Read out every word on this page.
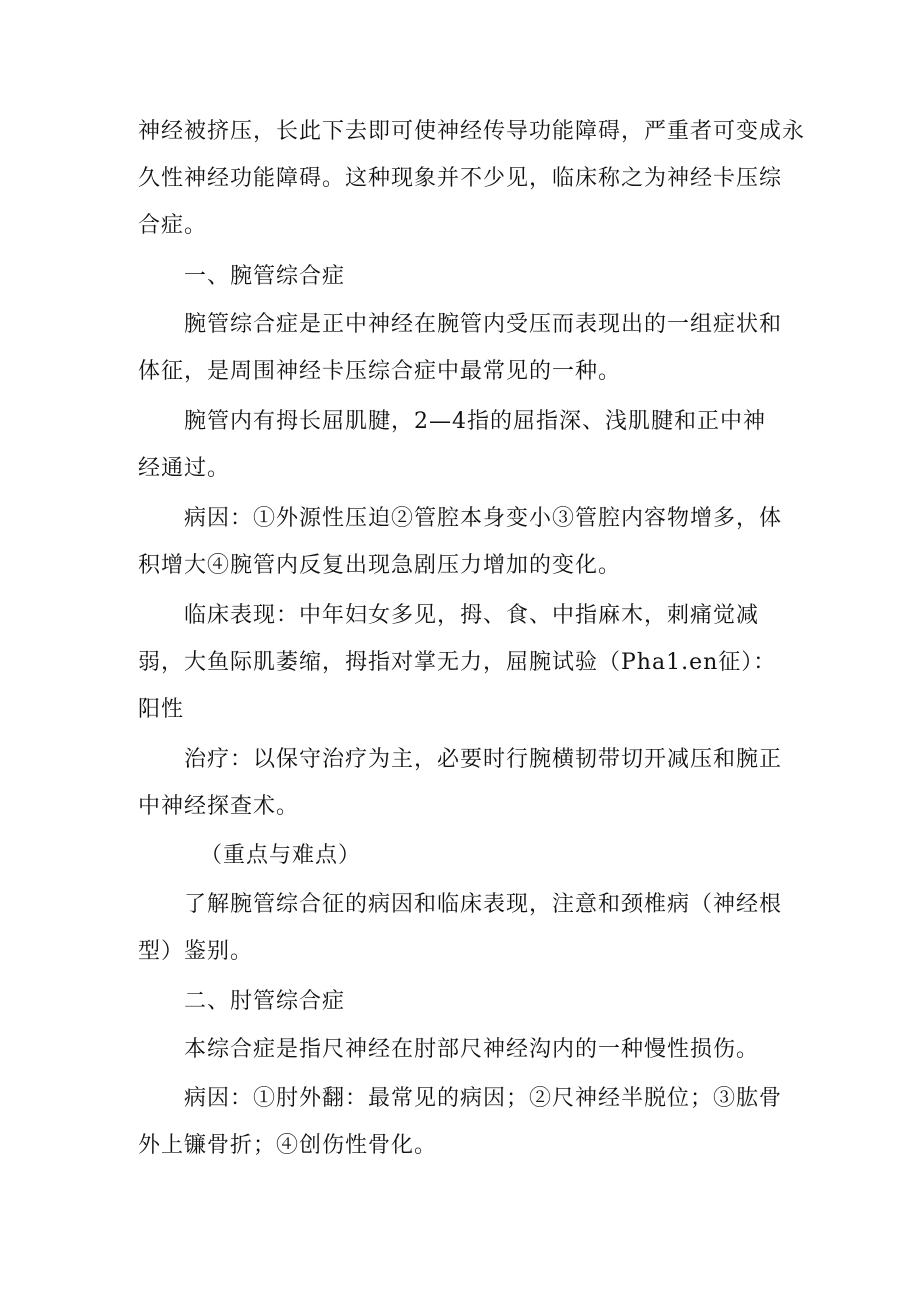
神经被挤压，长此下去即可使神经传导功能障碍，严重者可变成永
久性神经功能障碍。这种现象并不少见，临床称之为神经卡压综
合症。
一、腕管综合症
腕管综合症是正中神经在腕管内受压而表现出的一组症状和
体征，是周围神经卡压综合症中最常见的一种。
腕管内有拇长屈肌腱，2—4指的屈指深、浅肌腱和正中神
经通过。
病因：①外源性压迫②管腔本身变小③管腔内容物增多，体
积增大④腕管内反复出现急剧压力增加的变化。
临床表现：中年妇女多见，拇、食、中指麻木，刺痛觉减
弱，大鱼际肌萎缩，拇指对掌无力，屈腕试验（Pha1.en征）：
阳性
治疗：以保守治疗为主，必要时行腕横韧带切开减压和腕正
中神经探查术。
（重点与难点）
了解腕管综合征的病因和临床表现，注意和颈椎病（神经根
型）鉴别。
二、肘管综合症
本综合症是指尺神经在肘部尺神经沟内的一种慢性损伤。
病因：①肘外翻：最常见的病因；②尺神经半脱位；③肱骨
外上镰骨折；④创伤性骨化。
